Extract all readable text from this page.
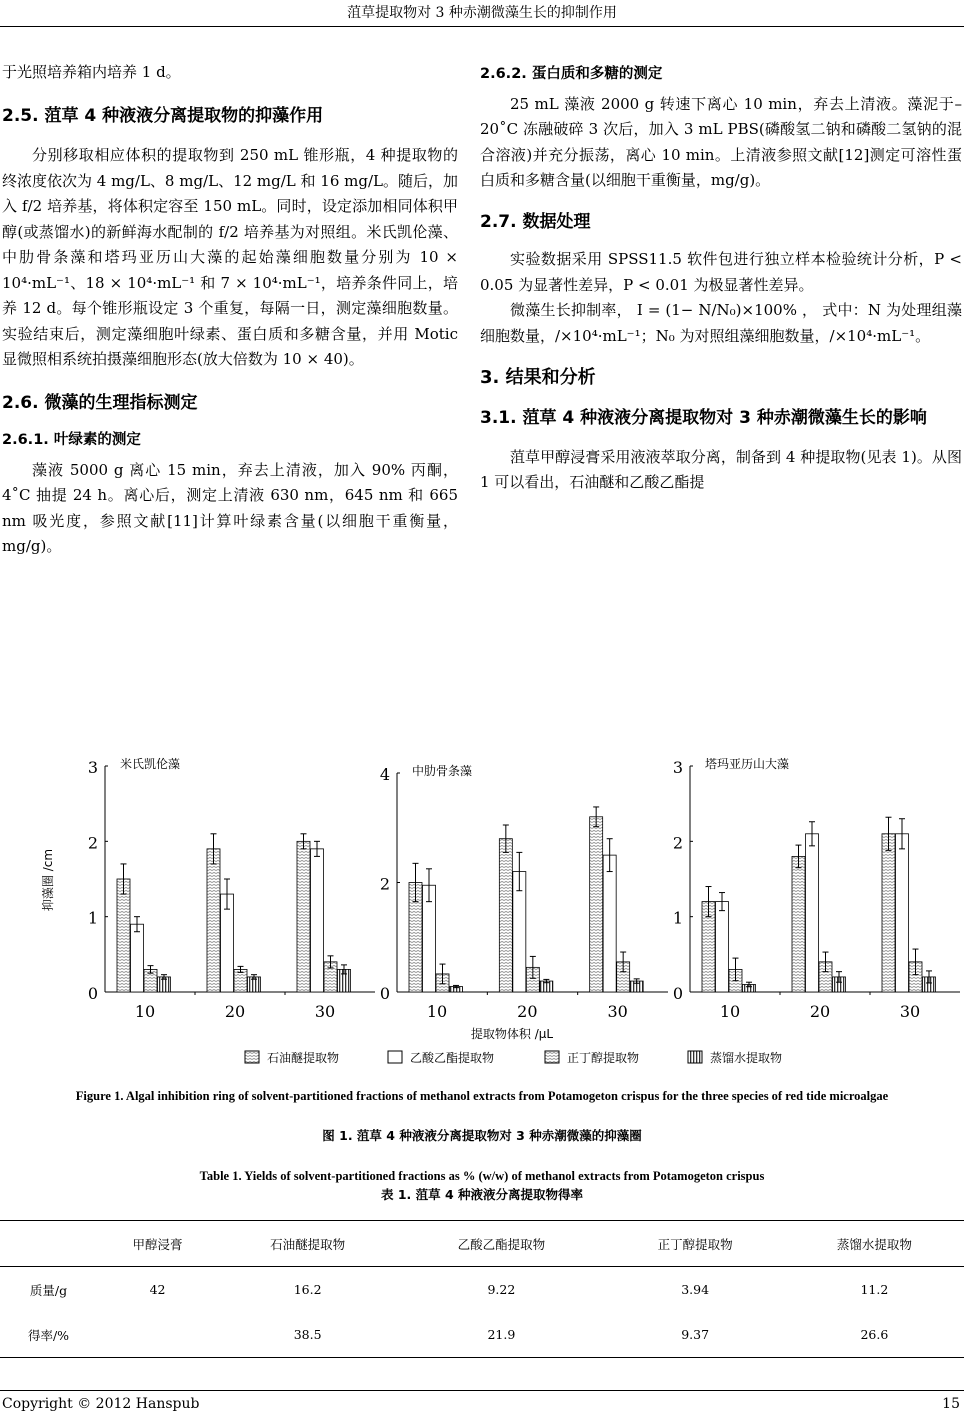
菹草提取物对 3 种赤潮微藻生长的抑制作用
于光照培养箱内培养 1 d。
2.5. 菹草 4 种液液分离提取物的抑藻作用

分别移取相应体积的提取物到 250 mL 锥形瓶，4 种提取物的终浓度依次为 4 mg/L、8 mg/L、12 mg/L 和 16 mg/L。随后，加入 f/2 培养基，将体积定容至 150 mL。同时，设定添加相同体积甲醇(或蒸馏水)的新鲜海水配制的 f/2 培养基为对照组。米氏凯伦藻、中肋骨条藻和塔玛亚历山大藻的起始藻细胞数量分别为 10 × 10⁴·mL⁻¹、18 × 10⁴·mL⁻¹ 和 7 × 10⁴·mL⁻¹，培养条件同上，培养 12 d。每个锥形瓶设定 3 个重复，每隔一日，测定藻细胞数量。实验结束后，测定藻细胞叶绿素、蛋白质和多糖含量，并用 Motic 显微照相系统拍摄藻细胞形态(放大倍数为 10 × 40)。

2.6. 微藻的生理指标测定
2.6.1. 叶绿素的测定

藻液 5000 g 离心 15 min，弃去上清液，加入 90% 丙酮，4˚C 抽提 24 h。离心后，测定上清液 630 nm，645 nm 和 665 nm 吸光度，参照文献[11]计算叶绿素含量(以细胞干重衡量，mg/g)。

2.6.2. 蛋白质和多糖的测定

25 mL 藻液 2000 g 转速下离心 10 min，弃去上清液。藻泥于–20˚C 冻融破碎 3 次后，加入 3 mL PBS(磷酸氢二钠和磷酸二氢钠的混合溶液)并充分振荡，离心 10 min。上清液参照文献[12]测定可溶性蛋白质和多糖含量(以细胞干重衡量，mg/g)。

2.7. 数据处理

实验数据采用 SPSS11.5 软件包进行独立样本检验统计分析，P < 0.05 为显著性差异，P < 0.01 为极显著性差异。

微藻生长抑制率， I = (1− N/N₀)×100% ， 式中：N 为处理组藻细胞数量，/×10⁴·mL⁻¹；N₀ 为对照组藻细胞数量，/×10⁴·mL⁻¹。

3. 结果和分析
3.1. 菹草 4 种液液分离提取物对 3 种赤潮微藻生长的影响

菹草甲醇浸膏采用液液萃取分离，制备到 4 种提取物(见表 1)。从图 1 可以看出，石油醚和乙酸乙酯提

0
1
2
3 米氏凯伦藻
10	20	30
0
2
4 中肋骨条藻
10	20	30
0
1
2
3 塔玛亚历山大藻
10	20	30
抑藻圈 /cm
提取物体积 /μL
石油醚提取物	乙酸乙酯提取物	正丁醇提取物	蒸馏水提取物
Figure 1. Algal inhibition ring of solvent-partitioned fractions of methanol extracts from Potamogeton crispus for the three species of red tide microalgae
图 1. 菹草 4 种液液分离提取物对 3 种赤潮微藻的抑藻圈
Table 1. Yields of solvent-partitioned fractions as % (w/w) of methanol extracts from Potamogeton crispus
表 1. 菹草 4 种液液分离提取物得率
	甲醇浸膏	石油醚提取物	乙酸乙酯提取物	正丁醇提取物	蒸馏水提取物
质量/g	42	16.2	9.22	3.94	11.2
得率/%		38.5	21.9	9.37	26.6
Copyright © 2012 Hanspub	15
